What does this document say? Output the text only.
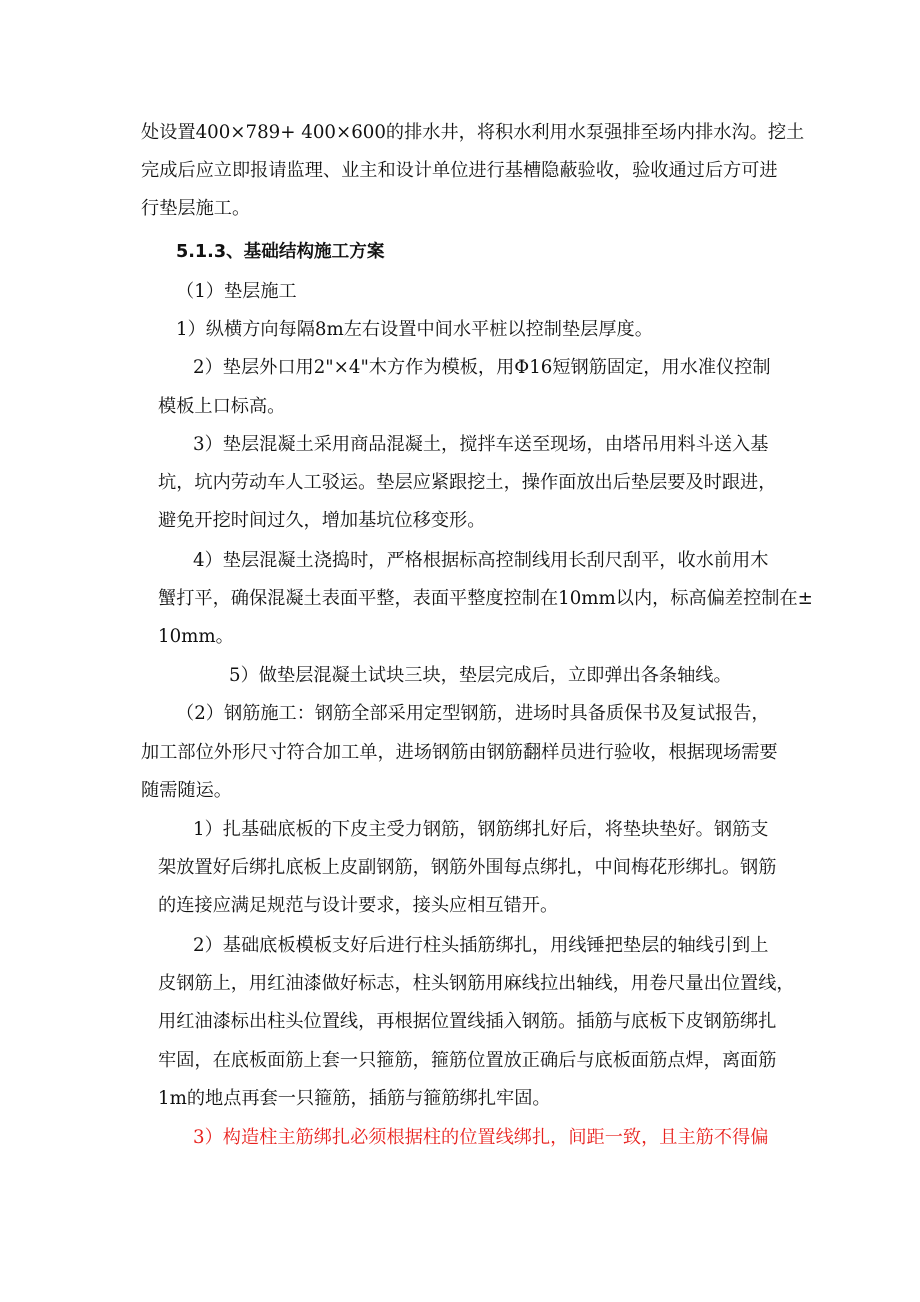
处设置400×789+ 400×600的排水井，将积水利用水泵强排至场内排水沟。挖土
完成后应立即报请监理、业主和设计单位进行基槽隐蔽验收，验收通过后方可进
行垫层施工。
5.1.3、基础结构施工方案
（1）垫层施工
1）纵横方向每隔8m左右设置中间水平桩以控制垫层厚度。
2）垫层外口用2"×4"木方作为模板，用Φ16短钢筋固定，用水准仪控制
模板上口标高。
3）垫层混凝土采用商品混凝土，搅拌车送至现场，由塔吊用料斗送入基
坑，坑内劳动车人工驳运。垫层应紧跟挖土，操作面放出后垫层要及时跟进，
避免开挖时间过久，增加基坑位移变形。
4）垫层混凝土浇捣时，严格根据标高控制线用长刮尺刮平，收水前用木
蟹打平，确保混凝土表面平整，表面平整度控制在10mm以内，标高偏差控制在±
10mm。
5）做垫层混凝土试块三块，垫层完成后，立即弹出各条轴线。
（2）钢筋施工：钢筋全部采用定型钢筋，进场时具备质保书及复试报告，
加工部位外形尺寸符合加工单，进场钢筋由钢筋翻样员进行验收，根据现场需要
随需随运。
1）扎基础底板的下皮主受力钢筋，钢筋绑扎好后，将垫块垫好。钢筋支
架放置好后绑扎底板上皮副钢筋，钢筋外围每点绑扎，中间梅花形绑扎。钢筋
的连接应满足规范与设计要求，接头应相互错开。
2）基础底板模板支好后进行柱头插筋绑扎，用线锤把垫层的轴线引到上
皮钢筋上，用红油漆做好标志，柱头钢筋用麻线拉出轴线，用卷尺量出位置线，
用红油漆标出柱头位置线，再根据位置线插入钢筋。插筋与底板下皮钢筋绑扎
牢固，在底板面筋上套一只箍筋，箍筋位置放正确后与底板面筋点焊，离面筋
1m的地点再套一只箍筋，插筋与箍筋绑扎牢固。
3）构造柱主筋绑扎必须根据柱的位置线绑扎，间距一致，且主筋不得偏
